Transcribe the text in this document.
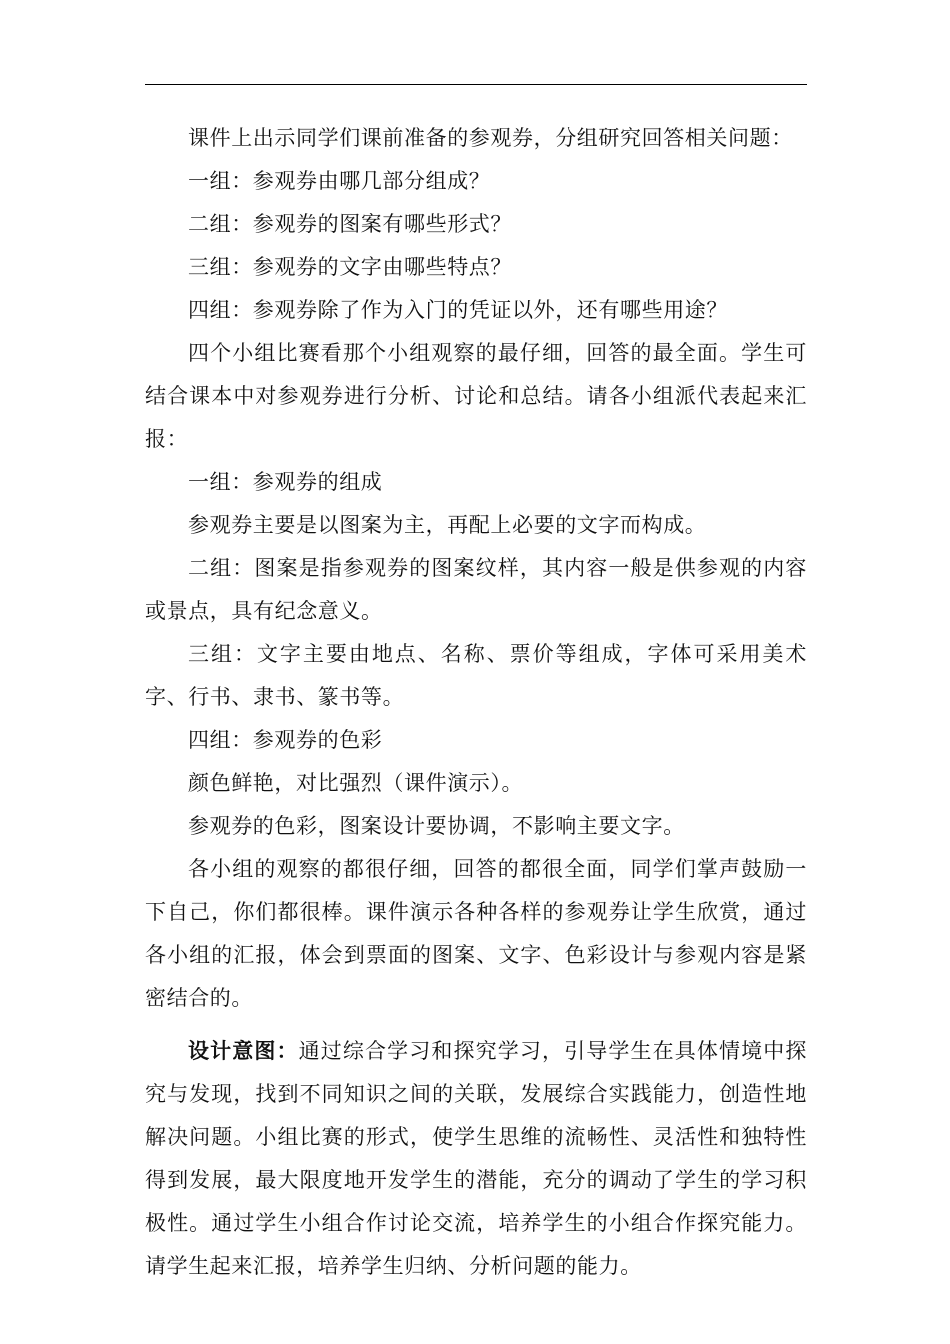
课件上出示同学们课前准备的参观券，分组研究回答相关问题：

一组：参观券由哪几部分组成？

二组：参观券的图案有哪些形式？

三组：参观券的文字由哪些特点？

四组：参观券除了作为入门的凭证以外，还有哪些用途？

四个小组比赛看那个小组观察的最仔细，回答的最全面。学生可结合课本中对参观券进行分析、讨论和总结。请各小组派代表起来汇报：

一组：参观券的组成

参观券主要是以图案为主，再配上必要的文字而构成。

二组：图案是指参观券的图案纹样，其内容一般是供参观的内容或景点，具有纪念意义。

三组：文字主要由地点、名称、票价等组成，字体可采用美术字、行书、隶书、篆书等。

四组：参观券的色彩

颜色鲜艳，对比强烈（课件演示）。

参观券的色彩，图案设计要协调，不影响主要文字。

各小组的观察的都很仔细，回答的都很全面，同学们掌声鼓励一下自己，你们都很棒。课件演示各种各样的参观券让学生欣赏，通过各小组的汇报，体会到票面的图案、文字、色彩设计与参观内容是紧密结合的。

设计意图：通过综合学习和探究学习，引导学生在具体情境中探究与发现，找到不同知识之间的关联，发展综合实践能力，创造性地解决问题。小组比赛的形式，使学生思维的流畅性、灵活性和独特性得到发展，最大限度地开发学生的潜能，充分的调动了学生的学习积极性。通过学生小组合作讨论交流，培养学生的小组合作探究能力。请学生起来汇报，培养学生归纳、分析问题的能力。
